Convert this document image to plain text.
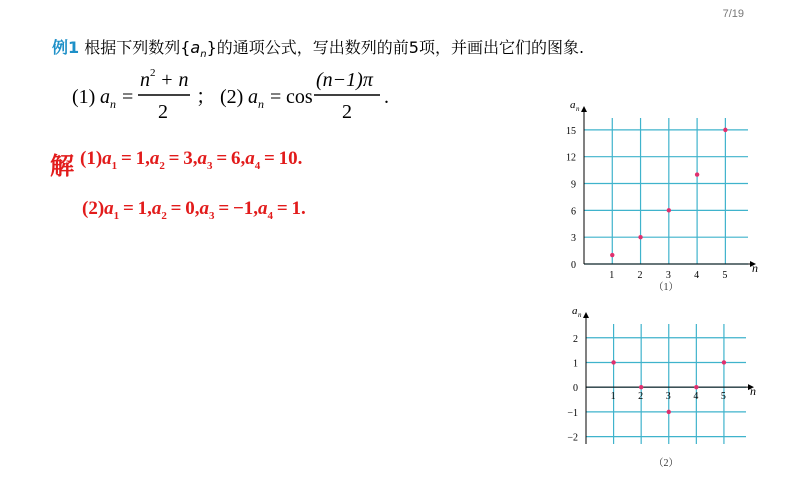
7/19
例1 根据下列数列$\{a_n\}$的通项公式，写出数列的前5项，并画出它们的图象.
(1) a n =
n 2 + n
2
； (2) a n = cos
(n−1)π
2
.
解 $(1)a_1 = 1,a_2 = 3,a_3 = 6,a_4 = 10$.
$(2)a_1 = 1,a_2 = 0,a_3 = -1,a_4 = 1$.
n
a n
1 2 3 4 5
0
3
6
9
12
15
（1）
n
a n
1 2 3 4 5
−2
−1
0
1
2
（2）
